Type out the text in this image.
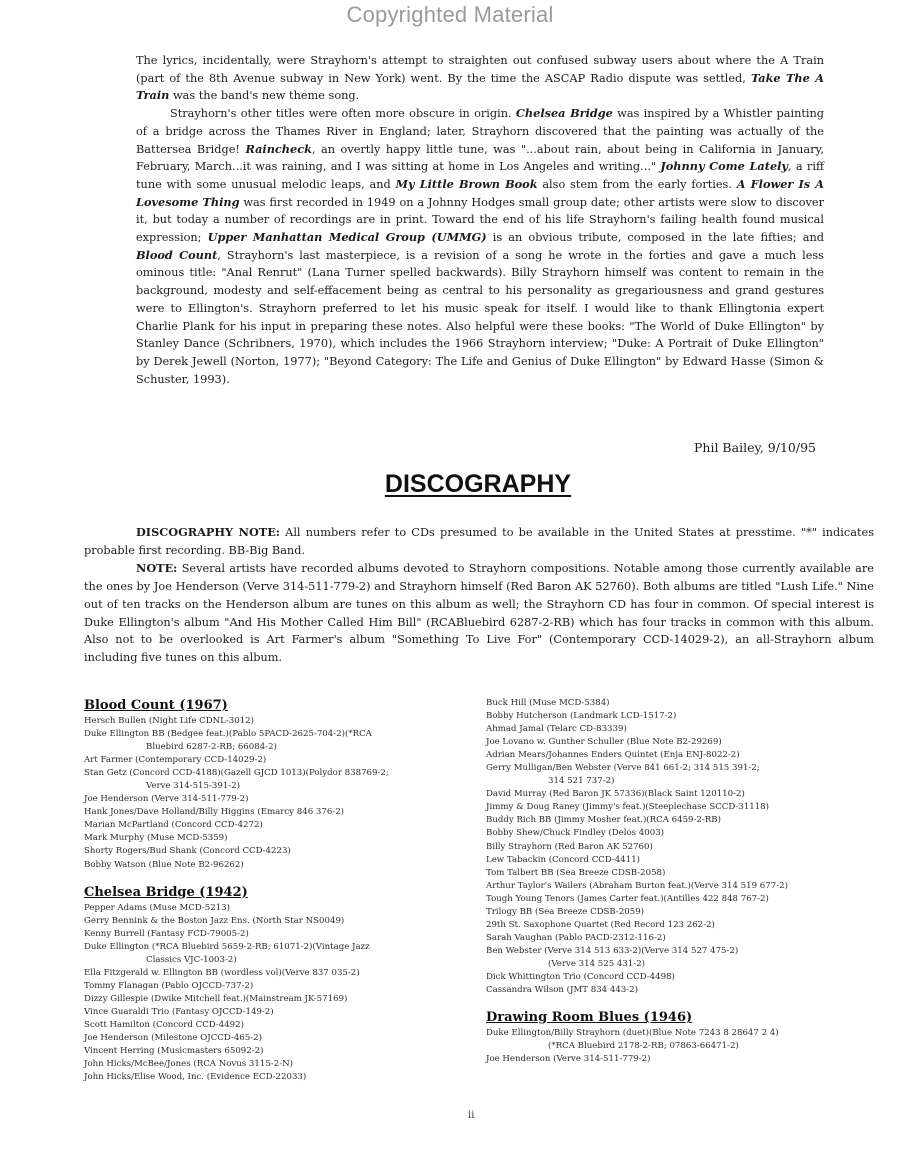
Copyrighted Material

The lyrics, incidentally, were Strayhorn's attempt to straighten out confused subway users about where the A Train (part of the 8th Avenue subway in New York) went. By the time the ASCAP Radio dispute was settled, Take The A Train was the band's new theme song.

Strayhorn's other titles were often more obscure in origin. Chelsea Bridge was inspired by a Whistler painting of a bridge across the Thames River in England; later, Strayhorn discovered that the painting was actually of the Battersea Bridge! Raincheck, an overtly happy little tune, was "...about rain, about being in California in January, February, March...it was raining, and I was sitting at home in Los Angeles and writing..." Johnny Come Lately, a riff tune with some unusual melodic leaps, and My Little Brown Book also stem from the early forties. A Flower Is A Lovesome Thing was first recorded in 1949 on a Johnny Hodges small group date; other artists were slow to discover it, but today a number of recordings are in print. Toward the end of his life Strayhorn's failing health found musical expression; Upper Manhattan Medical Group (UMMG) is an obvious tribute, composed in the late fifties; and Blood Count, Strayhorn's last masterpiece, is a revision of a song he wrote in the forties and gave a much less ominous title: "Anal Renrut" (Lana Turner spelled backwards). Billy Strayhorn himself was content to remain in the background, modesty and self-effacement being as central to his personality as gregariousness and grand gestures were to Ellington's. Strayhorn preferred to let his music speak for itself. I would like to thank Ellingtonia expert Charlie Plank for his input in preparing these notes. Also helpful were these books: "The World of Duke Ellington" by Stanley Dance (Schribners, 1970), which includes the 1966 Strayhorn interview; "Duke: A Portrait of Duke Ellington" by Derek Jewell (Norton, 1977); "Beyond Category: The Life and Genius of Duke Ellington" by Edward Hasse (Simon & Schuster, 1993).

Phil Bailey, 9/10/95
DISCOGRAPHY

DISCOGRAPHY NOTE: All numbers refer to CDs presumed to be available in the United States at presstime. "*" indicates probable first recording. BB-Big Band.

NOTE: Several artists have recorded albums devoted to Strayhorn compositions. Notable among those currently available are the ones by Joe Henderson (Verve 314-511-779-2) and Strayhorn himself (Red Baron AK 52760). Both albums are titled "Lush Life." Nine out of ten tracks on the Henderson album are tunes on this album as well; the Strayhorn CD has four in common. Of special interest is Duke Ellington's album "And His Mother Called Him Bill" (RCABluebird 6287-2-RB) which has four tracks in common with this album. Also not to be overlooked is Art Farmer's album "Something To Live For" (Contemporary CCD-14029-2), an all-Strayhorn album including five tunes on this album.

Blood Count (1967)
Hersch Bullen (Night Life CDNL-3012)
Duke Ellington BB (Bedgee feat.)(Pablo 5PACD-2625-704-2)(*RCA
Bluebird 6287-2-RB; 66084-2)
Art Farmer (Contemporary CCD-14029-2)
Stan Getz (Concord CCD-4188)(Gazell GJCD 1013)(Polydor 838769-2;
Verve 314-515-391-2)
Joe Henderson (Verve 314-511-779-2)
Hank Jones/Dave Holland/Billy Higgins (Emarcy 846 376-2)
Marian McPartland (Concord CCD-4272)
Mark Murphy (Muse MCD-5359)
Shorty Rogers/Bud Shank (Concord CCD-4223)
Bobby Watson (Blue Note B2-96262)
Chelsea Bridge (1942)
Pepper Adams (Muse MCD-5213)
Gerry Bennink & the Boston Jazz Ens. (North Star NS0049)
Kenny Burrell (Fantasy FCD-79005-2)
Duke Ellington (*RCA Bluebird 5659-2-RB; 61071-2)(Vintage Jazz
Classics VJC-1003-2)
Ella Fitzgerald w. Ellington BB (wordless vol)(Verve 837 035-2)
Tommy Flanagan (Pablo OJCCD-737-2)
Dizzy Gillespie (Dwike Mitchell feat.)(Mainstream JK-57169)
Vince Guaraldi Trio (Fantasy OJCCD-149-2)
Scott Hamilton (Concord CCD-4492)
Joe Henderson (Milestone OJCCD-465-2)
Vincent Herring (Musicmasters 65092-2)
John Hicks/McBee/Jones (RCA Novus 3115-2-N)
John Hicks/Elise Wood, Inc. (Evidence ECD-22033)
Buck Hill (Muse MCD-5384)
Bobby Hutcherson (Landmark LCD-1517-2)
Ahmad Jamal (Telarc CD-83339)
Joe Lovano w. Gunther Schuller (Blue Note B2-29269)
Adrian Mears/Johannes Enders Quintet (Enja ENJ-8022-2)
Gerry Mulligan/Ben Webster (Verve 841 661-2; 314 515 391-2;
314 521 737-2)
David Murray (Red Baron JK 57336)(Black Saint 120110-2)
Jimmy & Doug Raney (Jimmy's feat.)(Steeplechase SCCD-31118)
Buddy Rich BB (Jimmy Mosher feat.)(RCA 6459-2-RB)
Bobby Shew/Chuck Findley (Delos 4003)
Billy Strayhorn (Red Baron AK 52760)
Lew Tabackin (Concord CCD-4411)
Tom Talbert BB (Sea Breeze CDSB-2058)
Arthur Taylor's Wailers (Abraham Burton feat.)(Verve 314 519 677-2)
Tough Young Tenors (James Carter feat.)(Antilles 422 848 767-2)
Trilogy BB (Sea Breeze CDSB-2059)
29th St. Saxophone Quartet (Red Record 123 262-2)
Sarah Vaughan (Pablo PACD-2312-116-2)
Ben Webster (Verve 314 513 633-2)(Verve 314 527 475-2)
(Verve 314 525 431-2)
Dick Whittington Trio (Concord CCD-4498)
Cassandra Wilson (JMT 834 443-2)
Drawing Room Blues (1946)
Duke Ellington/Billy Strayhorn (duet)(Blue Note 7243 8 28647 2 4)
(*RCA Bluebird 2178-2-RB; 07863-66471-2)
Joe Henderson (Verve 314-511-779-2)
ii
